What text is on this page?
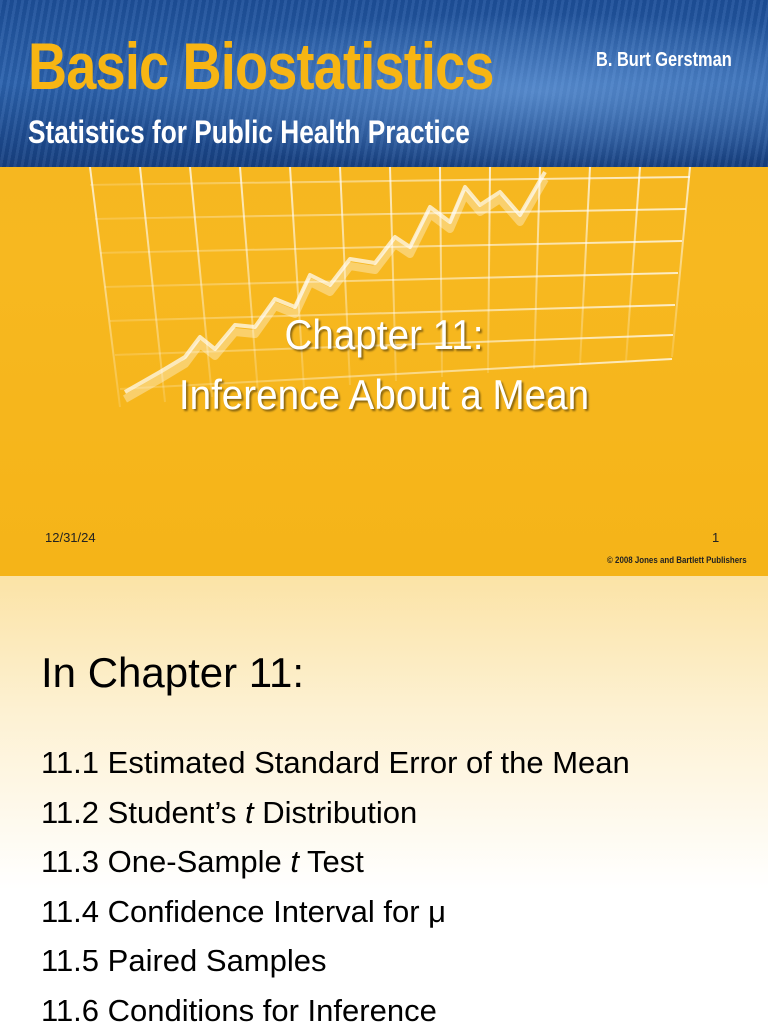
Basic Biostatistics
Statistics for Public Health Practice
B. Burt Gerstman
Chapter 11:
Inference About a Mean
12/31/24	1
© 2008 Jones and Bartlett Publishers
In Chapter 11:
11.1 Estimated Standard Error of the Mean
11.2 Student’s t Distribution
11.3 One-Sample t Test
11.4 Confidence Interval for μ
11.5 Paired Samples
11.6 Conditions for Inference
